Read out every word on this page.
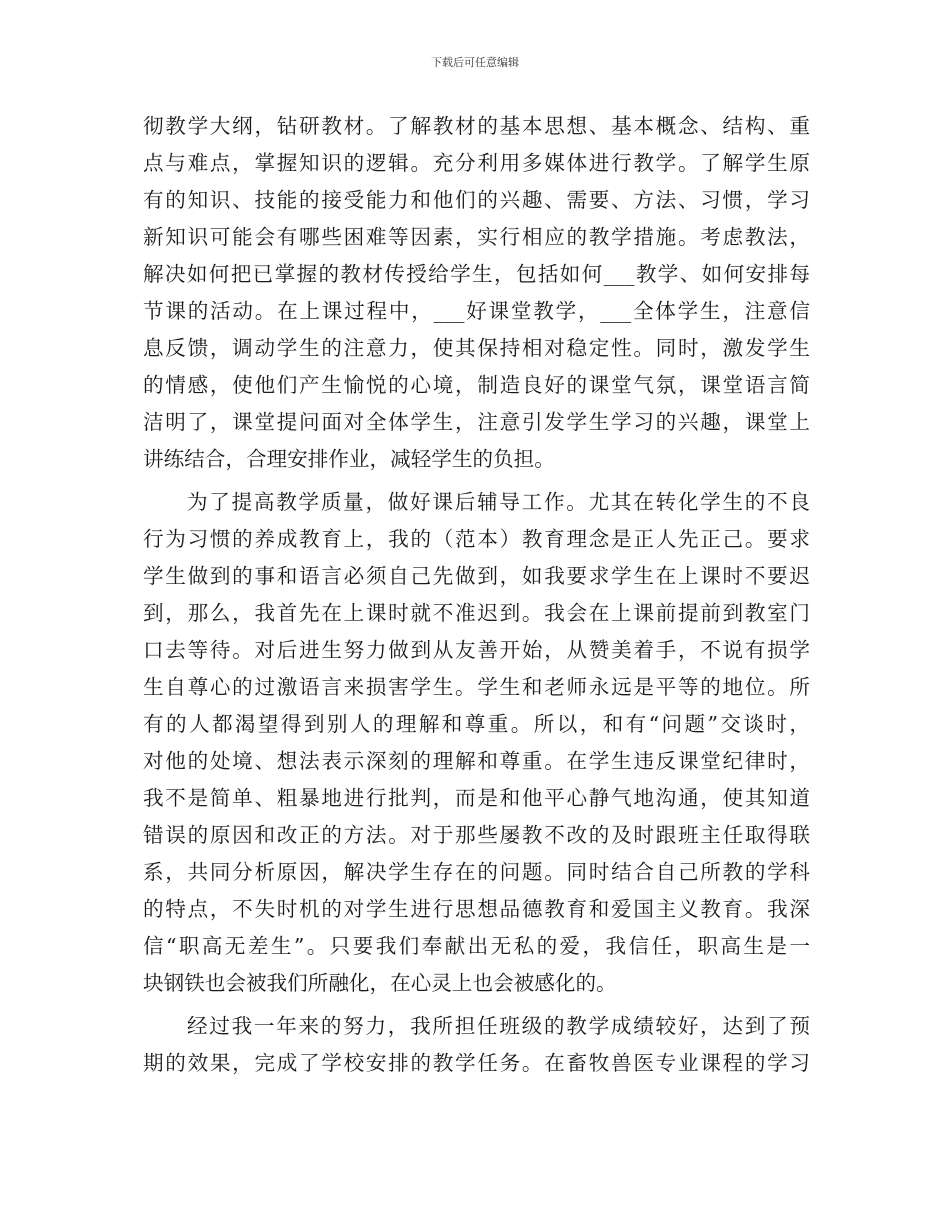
下载后可任意编辑
彻教学大纲，钻研教材。了解教材的基本思想、基本概念、结构、重
点与难点，掌握知识的逻辑。充分利用多媒体进行教学。了解学生原
有的知识、技能的接受能力和他们的兴趣、需要、方法、习惯，学习
新知识可能会有哪些困难等因素，实行相应的教学措施。考虑教法，
解决如何把已掌握的教材传授给学生，包括如何___教学、如何安排每
节课的活动。在上课过程中，___好课堂教学，___全体学生，注意信
息反馈，调动学生的注意力，使其保持相对稳定性。同时，激发学生
的情感，使他们产生愉悦的心境，制造良好的课堂气氛，课堂语言简
洁明了，课堂提问面对全体学生，注意引发学生学习的兴趣，课堂上
讲练结合，合理安排作业，减轻学生的负担。
为了提高教学质量，做好课后辅导工作。尤其在转化学生的不良
行为习惯的养成教育上，我的（范本）教育理念是正人先正己。要求
学生做到的事和语言必须自己先做到，如我要求学生在上课时不要迟
到，那么，我首先在上课时就不准迟到。我会在上课前提前到教室门
口去等待。对后进生努力做到从友善开始，从赞美着手，不说有损学
生自尊心的过激语言来损害学生。学生和老师永远是平等的地位。所
有的人都渴望得到别人的理解和尊重。所以，和有“问题”交谈时，
对他的处境、想法表示深刻的理解和尊重。在学生违反课堂纪律时，
我不是简单、粗暴地进行批判，而是和他平心静气地沟通，使其知道
错误的原因和改正的方法。对于那些屡教不改的及时跟班主任取得联
系，共同分析原因，解决学生存在的问题。同时结合自己所教的学科
的特点，不失时机的对学生进行思想品德教育和爱国主义教育。我深
信“职高无差生”。只要我们奉献出无私的爱，我信任，职高生是一
块钢铁也会被我们所融化，在心灵上也会被感化的。
经过我一年来的努力，我所担任班级的教学成绩较好，达到了预
期的效果，完成了学校安排的教学任务。在畜牧兽医专业课程的学习
